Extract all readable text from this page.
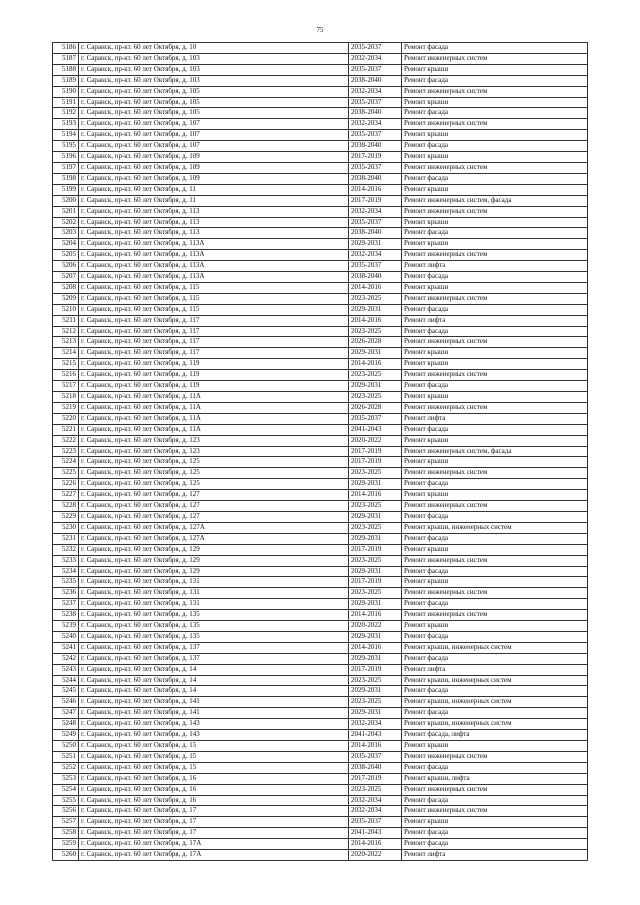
75
5186	г. Саранск, пр-кт. 60 лет Октября, д. 10	2035-2037	Ремонт фасада
5187	г. Саранск, пр-кт. 60 лет Октября, д. 103	2032-2034	Ремонт инженерных систем
5188	г. Саранск, пр-кт. 60 лет Октября, д. 103	2035-2037	Ремонт крыши
5189	г. Саранск, пр-кт. 60 лет Октября, д. 103	2038-2040	Ремонт фасада
5190	г. Саранск, пр-кт. 60 лет Октября, д. 105	2032-2034	Ремонт инженерных систем
5191	г. Саранск, пр-кт. 60 лет Октября, д. 105	2035-2037	Ремонт крыши
5192	г. Саранск, пр-кт. 60 лет Октября, д. 105	2038-2040	Ремонт фасада
5193	г. Саранск, пр-кт. 60 лет Октября, д. 107	2032-2034	Ремонт инженерных систем
5194	г. Саранск, пр-кт. 60 лет Октября, д. 107	2035-2037	Ремонт крыши
5195	г. Саранск, пр-кт. 60 лет Октября, д. 107	2038-2040	Ремонт фасада
5196	г. Саранск, пр-кт. 60 лет Октября, д. 109	2017-2019	Ремонт крыши
5197	г. Саранск, пр-кт. 60 лет Октября, д. 109	2035-2037	Ремонт инженерных систем
5198	г. Саранск, пр-кт. 60 лет Октября, д. 109	2038-2040	Ремонт фасада
5199	г. Саранск, пр-кт. 60 лет Октября, д. 11	2014-2016	Ремонт крыши
5200	г. Саранск, пр-кт. 60 лет Октября, д. 11	2017-2019	Ремонт инженерных систем, фасада
5201	г. Саранск, пр-кт. 60 лет Октября, д. 113	2032-2034	Ремонт инженерных систем
5202	г. Саранск, пр-кт. 60 лет Октября, д. 113	2035-2037	Ремонт крыши
5203	г. Саранск, пр-кт. 60 лет Октября, д. 113	2038-2040	Ремонт фасада
5204	г. Саранск, пр-кт. 60 лет Октября, д. 113А	2029-2031	Ремонт крыши
5205	г. Саранск, пр-кт. 60 лет Октября, д. 113А	2032-2034	Ремонт инженерных систем
5206	г. Саранск, пр-кт. 60 лет Октября, д. 113А	2035-2037	Ремонт лифта
5207	г. Саранск, пр-кт. 60 лет Октября, д. 113А	2038-2040	Ремонт фасада
5208	г. Саранск, пр-кт. 60 лет Октября, д. 115	2014-2016	Ремонт крыши
5209	г. Саранск, пр-кт. 60 лет Октября, д. 115	2023-2025	Ремонт инженерных систем
5210	г. Саранск, пр-кт. 60 лет Октября, д. 115	2029-2031	Ремонт фасада
5211	г. Саранск, пр-кт. 60 лет Октября, д. 117	2014-2016	Ремонт лифта
5212	г. Саранск, пр-кт. 60 лет Октября, д. 117	2023-2025	Ремонт фасада
5213	г. Саранск, пр-кт. 60 лет Октября, д. 117	2026-2028	Ремонт инженерных систем
5214	г. Саранск, пр-кт. 60 лет Октября, д. 117	2029-2031	Ремонт крыши
5215	г. Саранск, пр-кт. 60 лет Октября, д. 119	2014-2016	Ремонт крыши
5216	г. Саранск, пр-кт. 60 лет Октября, д. 119	2023-2025	Ремонт инженерных систем
5217	г. Саранск, пр-кт. 60 лет Октября, д. 119	2029-2031	Ремонт фасада
5218	г. Саранск, пр-кт. 60 лет Октября, д. 11А	2023-2025	Ремонт крыши
5219	г. Саранск, пр-кт. 60 лет Октября, д. 11А	2026-2028	Ремонт инженерных систем
5220	г. Саранск, пр-кт. 60 лет Октября, д. 11А	2035-2037	Ремонт лифта
5221	г. Саранск, пр-кт. 60 лет Октября, д. 11А	2041-2043	Ремонт фасада
5222	г. Саранск, пр-кт. 60 лет Октября, д. 123	2020-2022	Ремонт крыши
5223	г. Саранск, пр-кт. 60 лет Октября, д. 123	2017-2019	Ремонт инженерных систем, фасада
5224	г. Саранск, пр-кт. 60 лет Октября, д. 125	2017-2019	Ремонт крыши
5225	г. Саранск, пр-кт. 60 лет Октября, д. 125	2023-2025	Ремонт инженерных систем
5226	г. Саранск, пр-кт. 60 лет Октября, д. 125	2029-2031	Ремонт фасада
5227	г. Саранск, пр-кт. 60 лет Октября, д. 127	2014-2016	Ремонт крыши
5228	г. Саранск, пр-кт. 60 лет Октября, д. 127	2023-2025	Ремонт инженерных систем
5229	г. Саранск, пр-кт. 60 лет Октября, д. 127	2029-2031	Ремонт фасада
5230	г. Саранск, пр-кт. 60 лет Октября, д. 127А	2023-2025	Ремонт крыши, инженерных систем
5231	г. Саранск, пр-кт. 60 лет Октября, д. 127А	2029-2031	Ремонт фасада
5232	г. Саранск, пр-кт. 60 лет Октября, д. 129	2017-2019	Ремонт крыши
5233	г. Саранск, пр-кт. 60 лет Октября, д. 129	2023-2025	Ремонт инженерных систем
5234	г. Саранск, пр-кт. 60 лет Октября, д. 129	2029-2031	Ремонт фасада
5235	г. Саранск, пр-кт. 60 лет Октября, д. 131	2017-2019	Ремонт крыши
5236	г. Саранск, пр-кт. 60 лет Октября, д. 131	2023-2025	Ремонт инженерных систем
5237	г. Саранск, пр-кт. 60 лет Октября, д. 131	2029-2031	Ремонт фасада
5238	г. Саранск, пр-кт. 60 лет Октября, д. 135	2014-2016	Ремонт инженерных систем
5239	г. Саранск, пр-кт. 60 лет Октября, д. 135	2020-2022	Ремонт крыши
5240	г. Саранск, пр-кт. 60 лет Октября, д. 135	2029-2031	Ремонт фасада
5241	г. Саранск, пр-кт. 60 лет Октября, д. 137	2014-2016	Ремонт крыши, инженерных систем
5242	г. Саранск, пр-кт. 60 лет Октября, д. 137	2029-2031	Ремонт фасада
5243	г. Саранск, пр-кт. 60 лет Октября, д. 14	2017-2019	Ремонт лифта
5244	г. Саранск, пр-кт. 60 лет Октября, д. 14	2023-2025	Ремонт крыши, инженерных систем
5245	г. Саранск, пр-кт. 60 лет Октября, д. 14	2029-2031	Ремонт фасада
5246	г. Саранск, пр-кт. 60 лет Октября, д. 141	2023-2025	Ремонт крыши, инженерных систем
5247	г. Саранск, пр-кт. 60 лет Октября, д. 141	2029-2031	Ремонт фасада
5248	г. Саранск, пр-кт. 60 лет Октября, д. 143	2032-2034	Ремонт крыши, инженерных систем
5249	г. Саранск, пр-кт. 60 лет Октября, д. 143	2041-2043	Ремонт фасада, лифта
5250	г. Саранск, пр-кт. 60 лет Октября, д. 15	2014-2016	Ремонт крыши
5251	г. Саранск, пр-кт. 60 лет Октября, д. 15	2035-2037	Ремонт инженерных систем
5252	г. Саранск, пр-кт. 60 лет Октября, д. 15	2038-2040	Ремонт фасада
5253	г. Саранск, пр-кт. 60 лет Октября, д. 16	2017-2019	Ремонт крыши, лифта
5254	г. Саранск, пр-кт. 60 лет Октября, д. 16	2023-2025	Ремонт инженерных систем
5255	г. Саранск, пр-кт. 60 лет Октября, д. 16	2032-2034	Ремонт фасада
5256	г. Саранск, пр-кт. 60 лет Октября, д. 17	2032-2034	Ремонт инженерных систем
5257	г. Саранск, пр-кт. 60 лет Октября, д. 17	2035-2037	Ремонт крыши
5258	г. Саранск, пр-кт. 60 лет Октября, д. 17	2041-2043	Ремонт фасада
5259	г. Саранск, пр-кт. 60 лет Октября, д. 17А	2014-2016	Ремонт фасада
5260	г. Саранск, пр-кт. 60 лет Октября, д. 17А	2020-2022	Ремонт лифта
